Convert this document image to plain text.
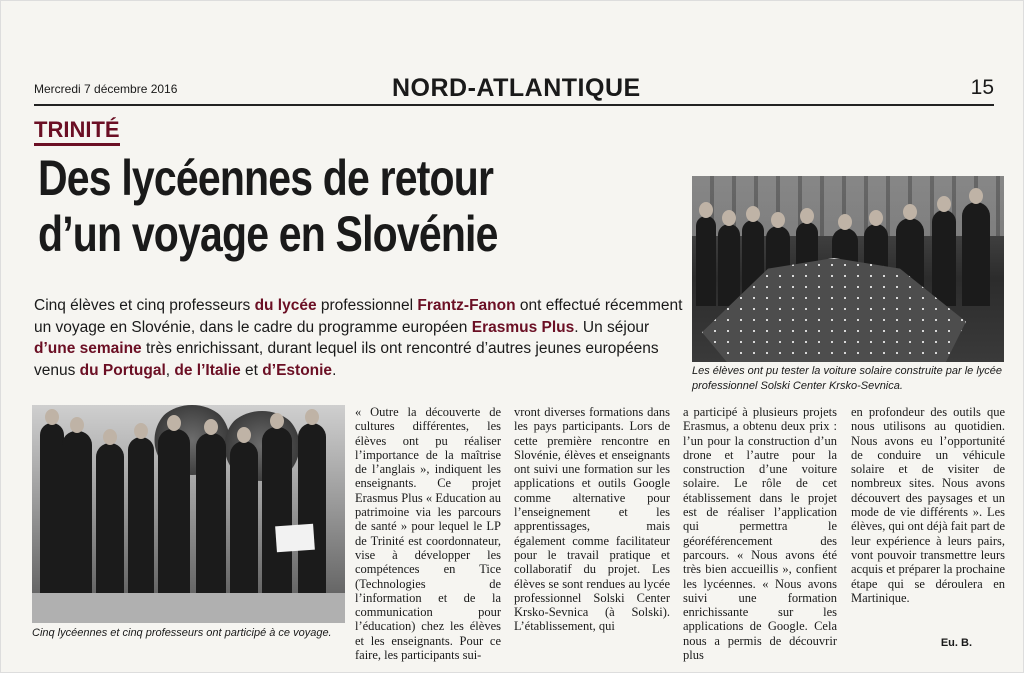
Mercredi 7 décembre 2016	NORD-ATLANTIQUE	15
TRINITÉ
Des lycéennes de retour
d’un voyage en Slovénie
Cinq élèves et cinq professeurs du lycée professionnel Frantz-Fanon ont effectué récemment un voyage en Slovénie, dans le cadre du programme européen Erasmus Plus. Un séjour d’une semaine très enrichissant, durant lequel ils ont rencontré d’autres jeunes européens venus du Portugal, de l’Italie et d’Estonie.	Les élèves ont pu tester la voiture solaire construite par le lycée professionnel Solski Center Krsko-Sevnica.
Cinq lycéennes et cinq professeurs ont participé à ce voyage.

« Outre la découverte de cultures différentes, les élèves ont pu réaliser l’importance de la maîtrise de l’anglais », indiquent les enseignants. Ce projet Erasmus Plus « Education au patrimoine via les parcours de santé » pour lequel le LP de Trinité est coordonnateur, vise à développer les compétences en Tice (Technologies de l’information et de la communication pour l’éducation) chez les élèves et les enseignants. Pour ce faire, les participants sui-

vront diverses formations dans les pays participants. Lors de cette première rencontre en Slovénie, élèves et enseignants ont suivi une formation sur les applications et outils Google comme alternative pour l’enseignement et les apprentissages, mais également comme facilitateur pour le travail pratique et collaboratif du projet. Les élèves se sont rendues au lycée professionnel Solski Center Krsko-Sevnica (à Solski). L’établissement, qui

a participé à plusieurs projets Erasmus, a obtenu deux prix : l’un pour la construction d’un drone et l’autre pour la construction d’une voiture solaire. Le rôle de cet établissement dans le projet est de réaliser l’application qui permettra le géoréférencement des parcours. « Nous avons été très bien accueillis », confient les lycéennes. « Nous avons suivi une formation enrichissante sur les applications de Google. Cela nous a permis de découvrir plus

en profondeur des outils que nous utilisons au quotidien. Nous avons eu l’opportunité de conduire un véhicule solaire et de visiter de nombreux sites. Nous avons découvert des paysages et un mode de vie différents ». Les élèves, qui ont déjà fait part de leur expérience à leurs pairs, vont pouvoir transmettre leurs acquis et préparer la prochaine étape qui se déroulera en Martinique.

Eu. B.
